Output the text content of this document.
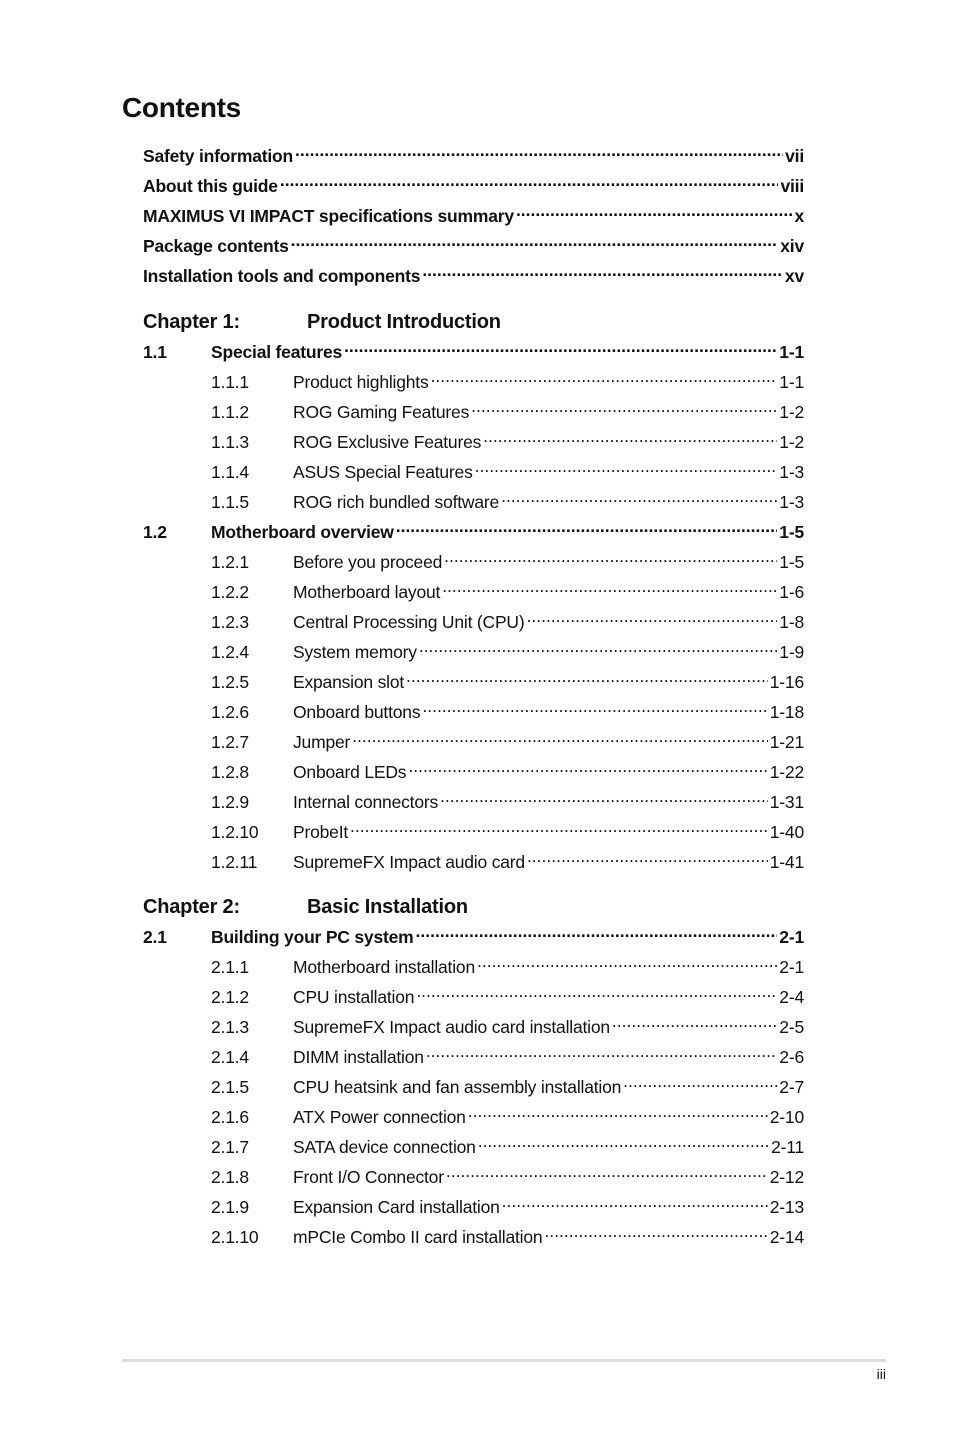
Contents
Safety information .....	vii
About this guide .....	viii
MAXIMUS VI IMPACT specifications summary .....	x
Package contents .....	xiv
Installation tools and components .....	xv
Chapter 1:	Product Introduction
1.1	Special features .....	1-1
1.1.1	Product highlights .....	1-1
1.1.2	ROG Gaming Features .....	1-2
1.1.3	ROG Exclusive Features .....	1-2
1.1.4	ASUS Special Features .....	1-3
1.1.5	ROG rich bundled software .....	1-3
1.2	Motherboard overview .....	1-5
1.2.1	Before you proceed .....	1-5
1.2.2	Motherboard layout .....	1-6
1.2.3	Central Processing Unit (CPU) .....	1-8
1.2.4	System memory .....	1-9
1.2.5	Expansion slot .....	1-16
1.2.6	Onboard buttons .....	1-18
1.2.7	Jumper .....	1-21
1.2.8	Onboard LEDs .....	1-22
1.2.9	Internal connectors .....	1-31
1.2.10	ProbeIt .....	1-40
1.2.11	SupremeFX Impact audio card .....	1-41
Chapter 2:	Basic Installation
2.1	Building your PC system .....	2-1
2.1.1	Motherboard installation .....	2-1
2.1.2	CPU installation .....	2-4
2.1.3	SupremeFX Impact audio card installation .....	2-5
2.1.4	DIMM installation .....	2-6
2.1.5	CPU heatsink and fan assembly installation .....	2-7
2.1.6	ATX Power connection .....	2-10
2.1.7	SATA device connection .....	2-11
2.1.8	Front I/O Connector .....	2-12
2.1.9	Expansion Card installation .....	2-13
2.1.10	mPCIe Combo II card installation .....	2-14
iii
